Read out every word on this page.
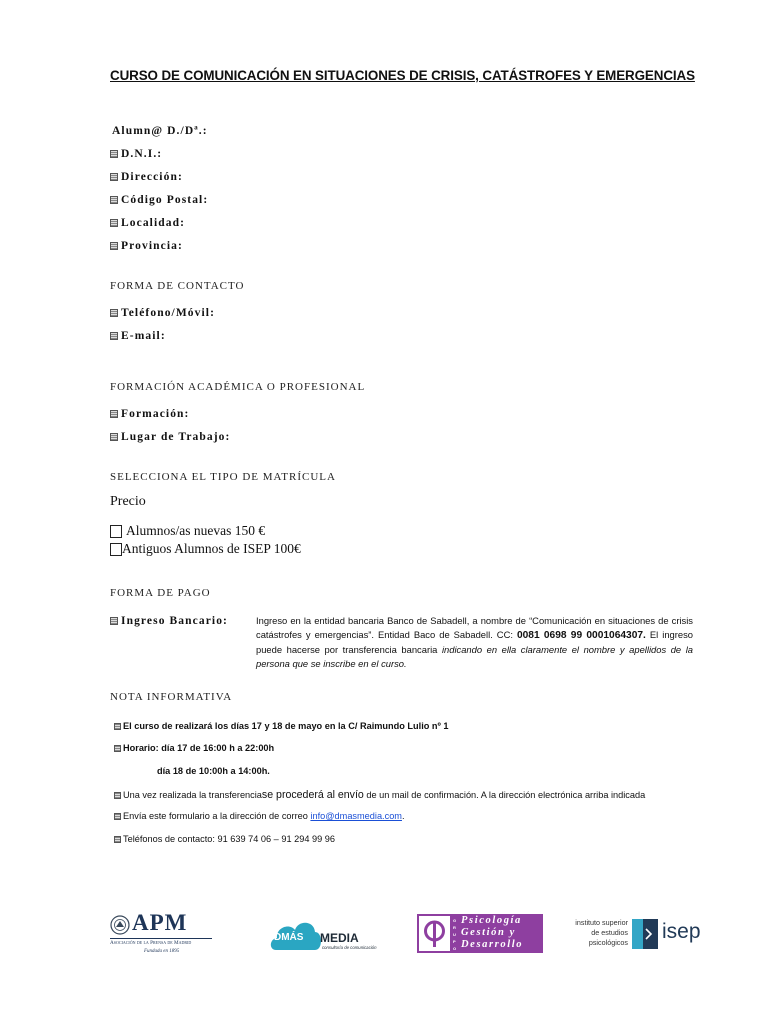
CURSO DE COMUNICACIÓN EN SITUACIONES DE CRISIS, CATÁSTROFES Y EMERGENCIAS
Alumn@ D./Dª.:
D.N.I.:
Dirección:
Código Postal:
Localidad:
Provincia:
FORMA DE CONTACTO
Teléfono/Móvil:
E-mail:
FORMACIÓN ACADÉMICA O PROFESIONAL
Formación:
Lugar de Trabajo:
SELECCIONA EL TIPO DE MATRÍCULA
Precio
Alumnos/as nuevas 150 €
Antiguos Alumnos de ISEP 100€
FORMA DE PAGO
Ingreso Bancario:	Ingreso en la entidad bancaria Banco de Sabadell, a nombre de “Comunicación en situaciones de crisis catástrofes y emergencias”. Entidad Baco de Sabadell. CC: 0081 0698 99 0001064307. El ingreso puede hacerse por transferencia bancaria indicando en ella claramente el nombre y apellidos de la persona que se inscribe en el curso.
NOTA INFORMATIVA
El curso de realizará los días 17 y 18 de mayo en la C/ Raimundo Lulio nº 1
Horario: día 17 de 16:00 h a 22:00h
día 18 de 10:00h a 14:00h.
Una vez realizada la transferencia se procederá al envío de un mail de confirmación. A la dirección electrónica arriba indicada
Envía este formulario a la dirección de correo info@dmasmedia.com .
Teléfonos de contacto: 91 639 74 06 – 91 294 99 96
APM
Asociación de la Prensa de Madrid
Fundada en 1895
DMÁS MEDIA
consultoría de comunicación
GRUPO
Psicología
Gestión y
Desarrollo
instituto superior
de estudios
psicológicos isep
